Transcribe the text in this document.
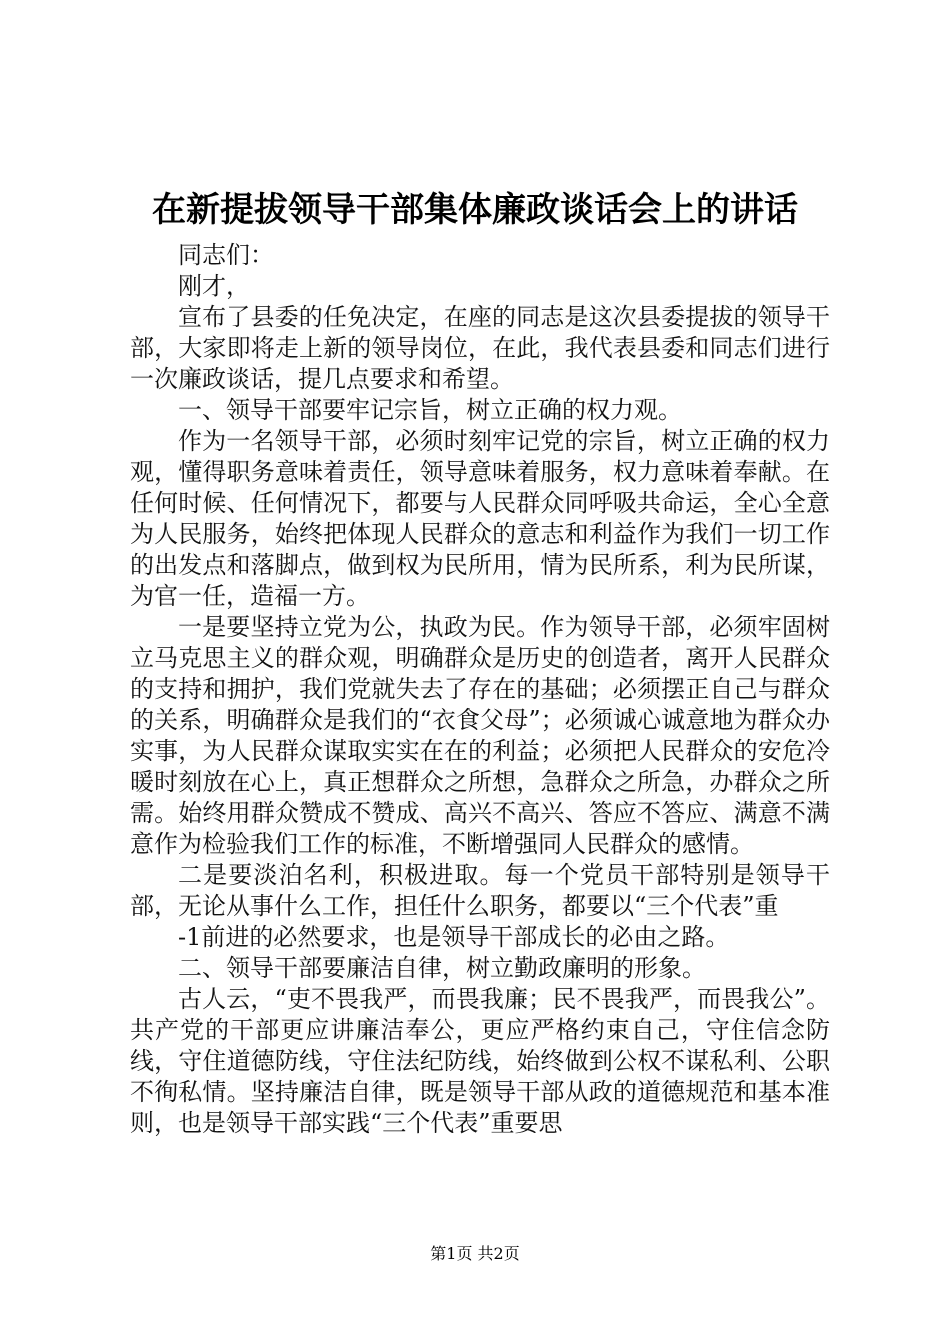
在新提拔领导干部集体廉政谈话会上的讲话

同志们：

刚才，

宣布了县委的任免决定，在座的同志是这次县委提拔的领导干部，大家即将走上新的领导岗位，在此，我代表县委和同志们进行一次廉政谈话，提几点要求和希望。

一、领导干部要牢记宗旨，树立正确的权力观。

作为一名领导干部，必须时刻牢记党的宗旨，树立正确的权力观，懂得职务意味着责任，领导意味着服务，权力意味着奉献。在任何时候、任何情况下，都要与人民群众同呼吸共命运，全心全意为人民服务，始终把体现人民群众的意志和利益作为我们一切工作的出发点和落脚点，做到权为民所用，情为民所系，利为民所谋，为官一任，造福一方。

一是要坚持立党为公，执政为民。作为领导干部，必须牢固树立马克思主义的群众观，明确群众是历史的创造者，离开人民群众的支持和拥护，我们党就失去了存在的基础；必须摆正自己与群众的关系，明确群众是我们的“衣食父母”；必须诚心诚意地为群众办实事，为人民群众谋取实实在在的利益；必须把人民群众的安危冷暖时刻放在心上，真正想群众之所想，急群众之所急，办群众之所需。始终用群众赞成不赞成、高兴不高兴、答应不答应、满意不满意作为检验我们工作的标准，不断增强同人民群众的感情。

二是要淡泊名利，积极进取。每一个党员干部特别是领导干部，无论从事什么工作，担任什么职务，都要以“三个代表”重

-1前进的必然要求，也是领导干部成长的必由之路。

二、领导干部要廉洁自律，树立勤政廉明的形象。

古人云，“吏不畏我严，而畏我廉；民不畏我严，而畏我公”。共产党的干部更应讲廉洁奉公，更应严格约束自己，守住信念防线，守住道德防线，守住法纪防线，始终做到公权不谋私利、公职不徇私情。坚持廉洁自律，既是领导干部从政的道德规范和基本准则，也是领导干部实践“三个代表”重要思

第1页 共2页
